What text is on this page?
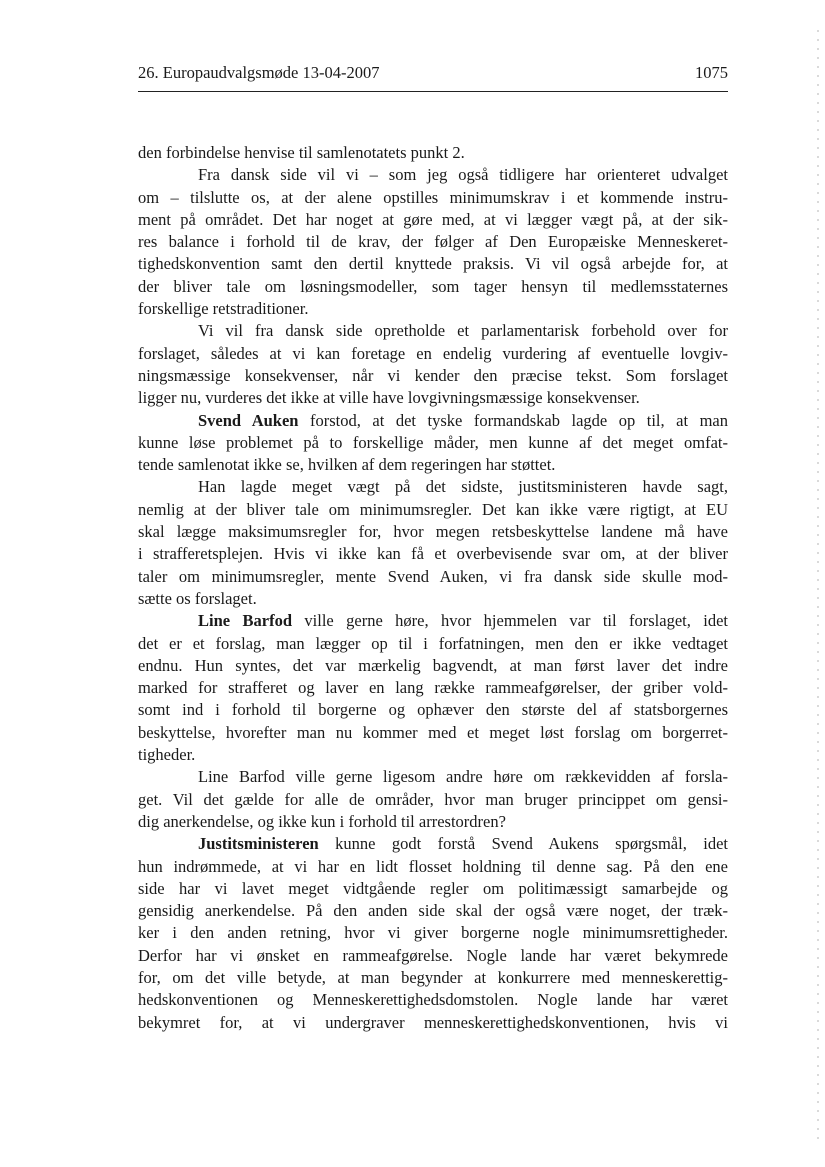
26. Europaudvalgsmøde 13-04-2007	1075
den forbindelse henvise til samlenotatets punkt 2.
Fra dansk side vil vi – som jeg også tidligere har orienteret udvalget
om – tilslutte os, at der alene opstilles minimumskrav i et kommende instru-
ment på området. Det har noget at gøre med, at vi lægger vægt på, at der sik-
res balance i forhold til de krav, der følger af Den Europæiske Menneskeret-
tighedskonvention samt den dertil knyttede praksis. Vi vil også arbejde for, at
der bliver tale om løsningsmodeller, som tager hensyn til medlemsstaternes
forskellige retstraditioner.
Vi vil fra dansk side opretholde et parlamentarisk forbehold over for
forslaget, således at vi kan foretage en endelig vurdering af eventuelle lovgiv-
ningsmæssige konsekvenser, når vi kender den præcise tekst. Som forslaget
ligger nu, vurderes det ikke at ville have lovgivningsmæssige konsekvenser.
Svend Auken forstod, at det tyske formandskab lagde op til, at man
kunne løse problemet på to forskellige måder, men kunne af det meget omfat-
tende samlenotat ikke se, hvilken af dem regeringen har støttet.
Han lagde meget vægt på det sidste, justitsministeren havde sagt,
nemlig at der bliver tale om minimumsregler. Det kan ikke være rigtigt, at EU
skal lægge maksimumsregler for, hvor megen retsbeskyttelse landene må have
i strafferetsplejen. Hvis vi ikke kan få et overbevisende svar om, at der bliver
taler om minimumsregler, mente Svend Auken, vi fra dansk side skulle mod-
sætte os forslaget.
Line Barfod ville gerne høre, hvor hjemmelen var til forslaget, idet
det er et forslag, man lægger op til i forfatningen, men den er ikke vedtaget
endnu. Hun syntes, det var mærkelig bagvendt, at man først laver det indre
marked for strafferet og laver en lang række rammeafgørelser, der griber vold-
somt ind i forhold til borgerne og ophæver den største del af statsborgernes
beskyttelse, hvorefter man nu kommer med et meget løst forslag om borgerret-
tigheder.
Line Barfod ville gerne ligesom andre høre om rækkevidden af forsla-
get. Vil det gælde for alle de områder, hvor man bruger princippet om gensi-
dig anerkendelse, og ikke kun i forhold til arrestordren?
Justitsministeren kunne godt forstå Svend Aukens spørgsmål, idet
hun indrømmede, at vi har en lidt flosset holdning til denne sag. På den ene
side har vi lavet meget vidtgående regler om politimæssigt samarbejde og
gensidig anerkendelse. På den anden side skal der også være noget, der træk-
ker i den anden retning, hvor vi giver borgerne nogle minimumsrettigheder.
Derfor har vi ønsket en rammeafgørelse. Nogle lande har været bekymrede
for, om det ville betyde, at man begynder at konkurrere med menneskerettig-
hedskonventionen og Menneskerettighedsdomstolen. Nogle lande har været
bekymret for, at vi undergraver menneskerettighedskonventionen, hvis vi
